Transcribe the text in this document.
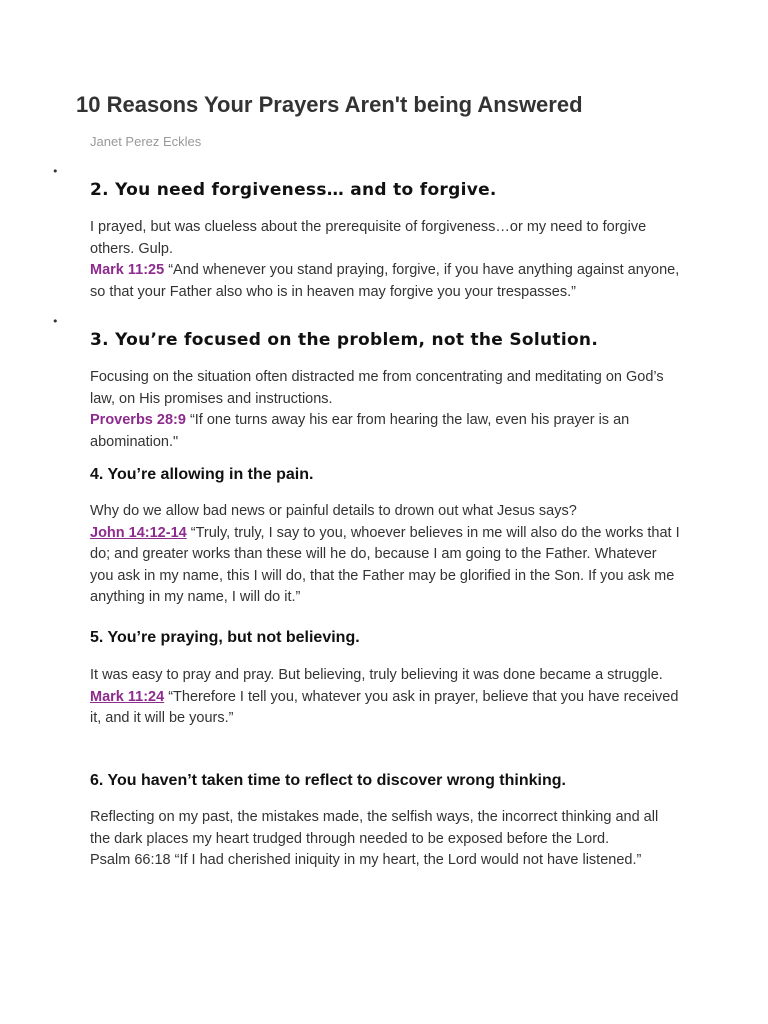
10 Reasons Your Prayers Aren't being Answered
Janet Perez Eckles
•
2. You need forgiveness… and to forgive.

I prayed, but was clueless about the prerequisite of forgiveness…or my need to forgive others. Gulp.
Mark 11:25 “And whenever you stand praying, forgive, if you have anything against anyone, so that your Father also who is in heaven may forgive you your trespasses.”

•
3. You’re focused on the problem, not the Solution.

Focusing on the situation often distracted me from concentrating and meditating on God’s law, on His promises and instructions.
Proverbs 28:9 “If one turns away his ear from hearing the law, even his prayer is an abomination."

4. You’re allowing in the pain.

Why do we allow bad news or painful details to drown out what Jesus says?
John 14:12-14 “Truly, truly, I say to you, whoever believes in me will also do the works that I do; and greater works than these will he do, because I am going to the Father. Whatever you ask in my name, this I will do, that the Father may be glorified in the Son. If you ask me anything in my name, I will do it.”

5. You’re praying, but not believing.

It was easy to pray and pray. But believing, truly believing it was done became a struggle.
Mark 11:24 “Therefore I tell you, whatever you ask in prayer, believe that you have received it, and it will be yours.”

6. You haven’t taken time to reflect to discover wrong thinking.

Reflecting on my past, the mistakes made, the selfish ways, the incorrect thinking and all the dark places my heart trudged through needed to be exposed before the Lord.
Psalm 66:18 “If I had cherished iniquity in my heart, the Lord would not have listened.”
